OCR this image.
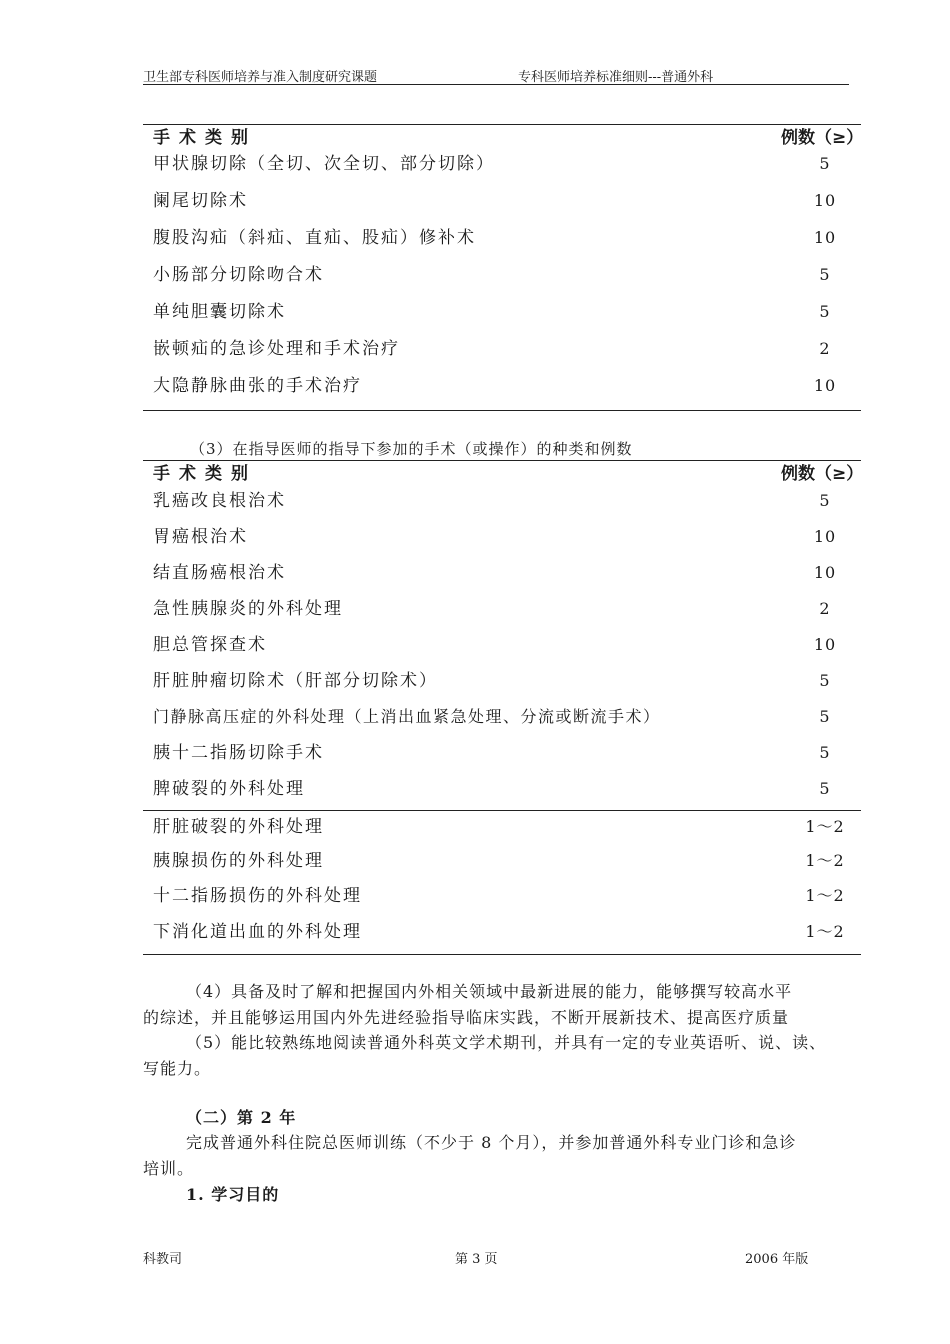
卫生部专科医师培养与准入制度研究课题	专科医师培养标准细则---普通外科
手术类别	例数（≥）
甲状腺切除（全切、次全切、部分切除）	5
阑尾切除术	10
腹股沟疝（斜疝、直疝、股疝）修补术	10
小肠部分切除吻合术	5
单纯胆囊切除术	5
嵌顿疝的急诊处理和手术治疗	2
大隐静脉曲张的手术治疗	10
（3）在指导医师的指导下参加的手术（或操作）的种类和例数
手术类别	例数（≥）
乳癌改良根治术	5
胃癌根治术	10
结直肠癌根治术	10
急性胰腺炎的外科处理	2
胆总管探查术	10
肝脏肿瘤切除术（肝部分切除术）	5
门静脉高压症的外科处理（上消出血紧急处理、分流或断流手术）	5
胰十二指肠切除手术	5
脾破裂的外科处理	5
肝脏破裂的外科处理	1～2
胰腺损伤的外科处理	1～2
十二指肠损伤的外科处理	1～2
下消化道出血的外科处理	1～2
（4）具备及时了解和把握国内外相关领域中最新进展的能力，能够撰写较高水平
的综述，并且能够运用国内外先进经验指导临床实践，不断开展新技术、提高医疗质量
（5）能比较熟练地阅读普通外科英文学术期刊，并具有一定的专业英语听、说、读、
写能力。
（二）第 2 年
完成普通外科住院总医师训练（不少于 8 个月），并参加普通外科专业门诊和急诊
培训。
1. 学习目的
科教司	第 3 页	2006 年版
